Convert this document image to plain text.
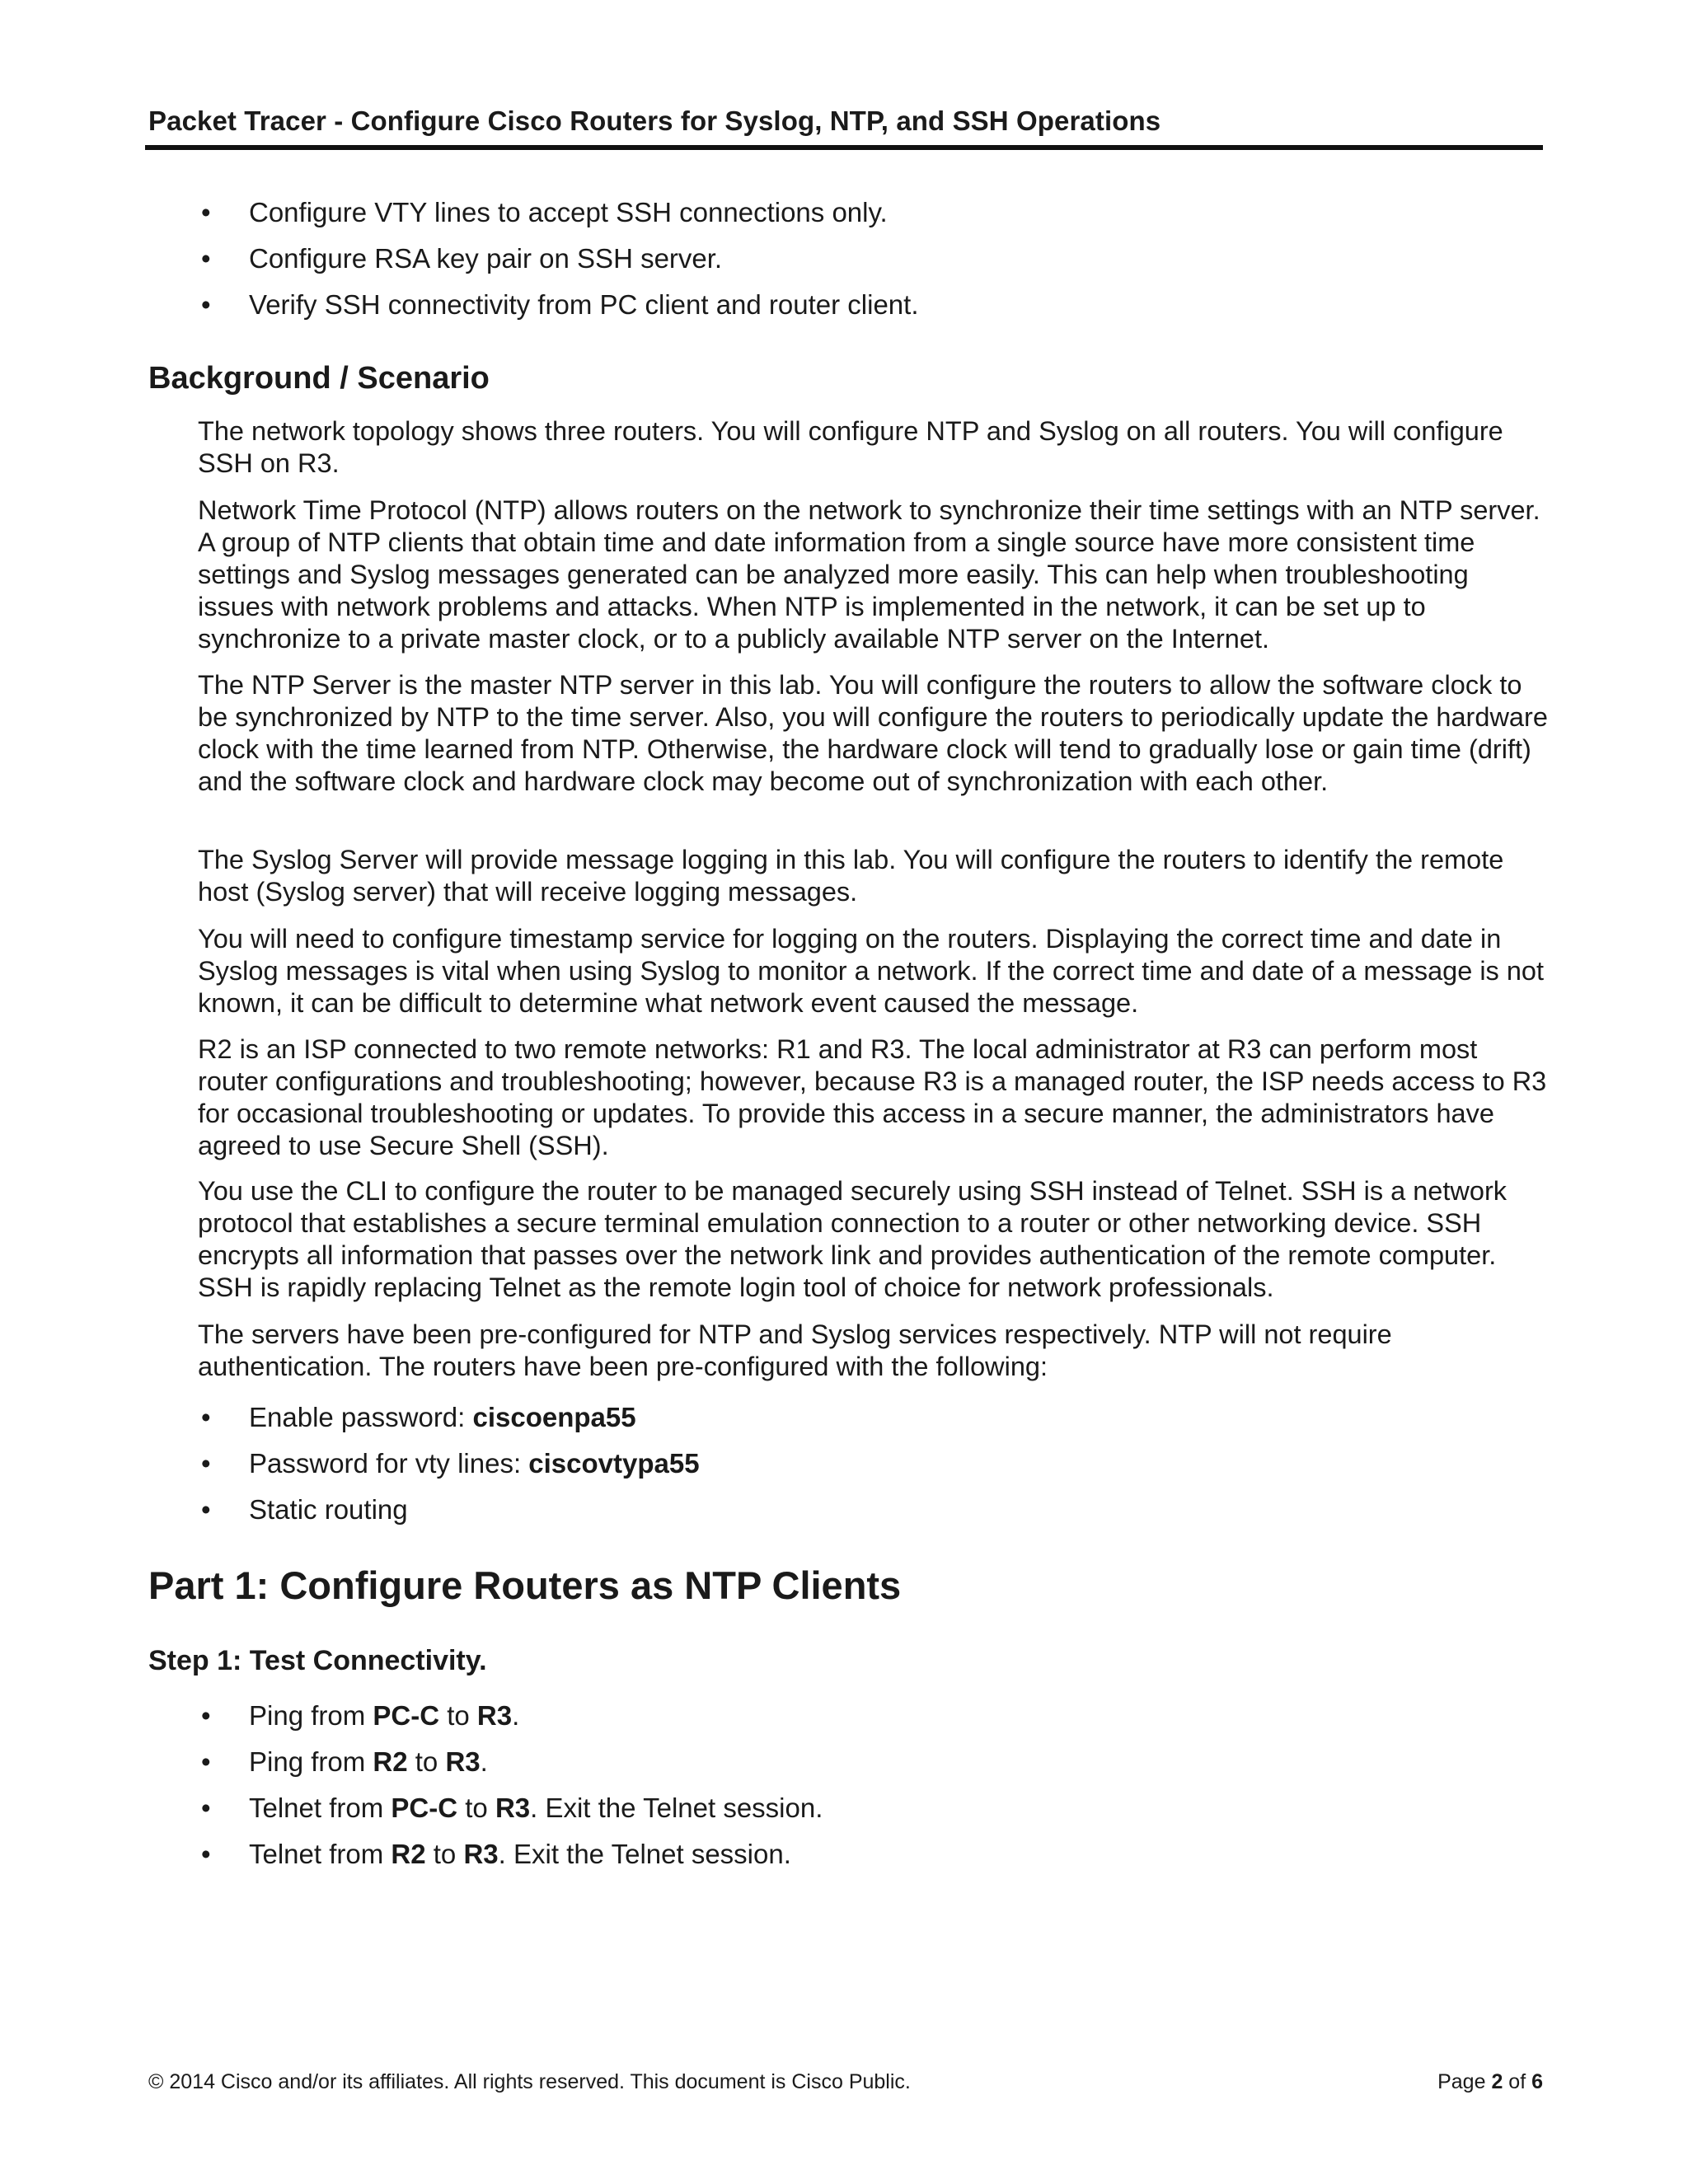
Packet Tracer - Configure Cisco Routers for Syslog, NTP, and SSH Operations
• Configure VTY lines to accept SSH connections only.
• Configure RSA key pair on SSH server.
• Verify SSH connectivity from PC client and router client.
Background / Scenario

The network topology shows three routers. You will configure NTP and Syslog on all routers. You will configure SSH on R3.

Network Time Protocol (NTP) allows routers on the network to synchronize their time settings with an NTP server. A group of NTP clients that obtain time and date information from a single source have more consistent time settings and Syslog messages generated can be analyzed more easily. This can help when troubleshooting issues with network problems and attacks. When NTP is implemented in the network, it can be set up to synchronize to a private master clock, or to a publicly available NTP server on the Internet.

The NTP Server is the master NTP server in this lab. You will configure the routers to allow the software clock to be synchronized by NTP to the time server. Also, you will configure the routers to periodically update the hardware clock with the time learned from NTP. Otherwise, the hardware clock will tend to gradually lose or gain time (drift) and the software clock and hardware clock may become out of synchronization with each other.

The Syslog Server will provide message logging in this lab. You will configure the routers to identify the remote host (Syslog server) that will receive logging messages.

You will need to configure timestamp service for logging on the routers. Displaying the correct time and date in Syslog messages is vital when using Syslog to monitor a network. If the correct time and date of a message is not known, it can be difficult to determine what network event caused the message.

R2 is an ISP connected to two remote networks: R1 and R3. The local administrator at R3 can perform most router configurations and troubleshooting; however, because R3 is a managed router, the ISP needs access to R3 for occasional troubleshooting or updates. To provide this access in a secure manner, the administrators have agreed to use Secure Shell (SSH).

You use the CLI to configure the router to be managed securely using SSH instead of Telnet. SSH is a network protocol that establishes a secure terminal emulation connection to a router or other networking device. SSH encrypts all information that passes over the network link and provides authentication of the remote computer. SSH is rapidly replacing Telnet as the remote login tool of choice for network professionals.

The servers have been pre-configured for NTP and Syslog services respectively. NTP will not require authentication. The routers have been pre-configured with the following:

• Enable password: ciscoenpa55
• Password for vty lines: ciscovtypa55
• Static routing
Part 1: Configure Routers as NTP Clients
Step 1: Test Connectivity.
• Ping from PC-C to R3.
• Ping from R2 to R3.
• Telnet from PC-C to R3. Exit the Telnet session.
• Telnet from R2 to R3. Exit the Telnet session.
© 2014 Cisco and/or its affiliates. All rights reserved. This document is Cisco Public.	Page 2 of 6
